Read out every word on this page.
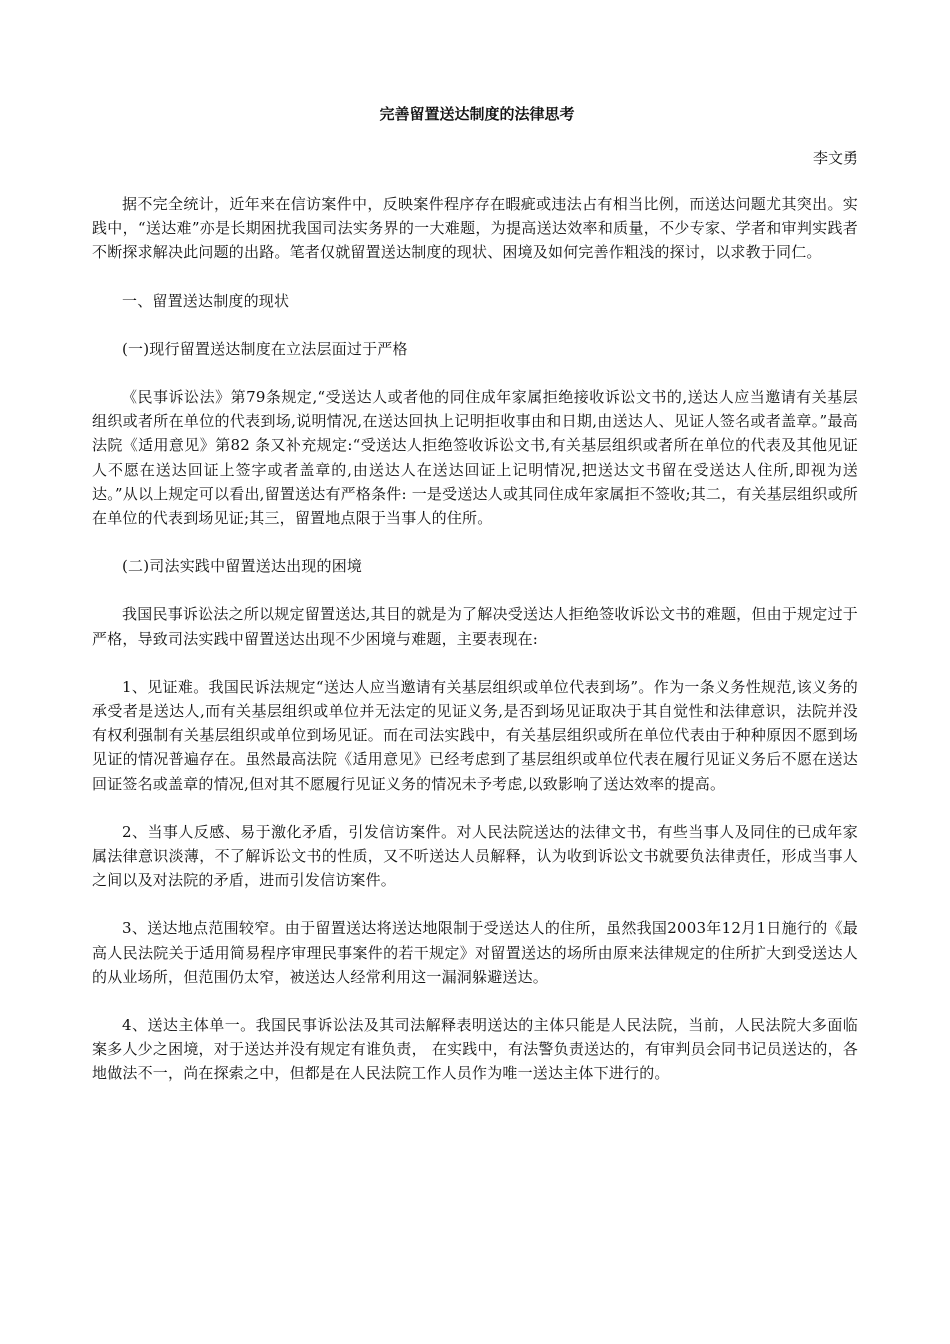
完善留置送达制度的法律思考

李文勇

据不完全统计，近年来在信访案件中，反映案件程序存在暇疵或违法占有相当比例，而送达问题尤其突出。实践中，“送达难”亦是长期困扰我国司法实务界的一大难题，为提高送达效率和质量，不少专家、学者和审判实践者不断探求解决此问题的出路。笔者仅就留置送达制度的现状、困境及如何完善作粗浅的探讨，以求教于同仁。

一、留置送达制度的现状

(一)现行留置送达制度在立法层面过于严格

《民事诉讼法》第79条规定,“受送达人或者他的同住成年家属拒绝接收诉讼文书的,送达人应当邀请有关基层组织或者所在单位的代表到场,说明情况,在送达回执上记明拒收事由和日期,由送达人、见证人签名或者盖章。”最高法院《适用意见》第82 条又补充规定:“受送达人拒绝签收诉讼文书,有关基层组织或者所在单位的代表及其他见证人不愿在送达回证上签字或者盖章的,由送达人在送达回证上记明情况,把送达文书留在受送达人住所,即视为送达。”从以上规定可以看出,留置送达有严格条件: 一是受送达人或其同住成年家属拒不签收;其二，有关基层组织或所在单位的代表到场见证;其三，留置地点限于当事人的住所。

(二)司法实践中留置送达出现的困境

我国民事诉讼法之所以规定留置送达,其目的就是为了解决受送达人拒绝签收诉讼文书的难题，但由于规定过于严格，导致司法实践中留置送达出现不少困境与难题，主要表现在:

1、见证难。我国民诉法规定“送达人应当邀请有关基层组织或单位代表到场”。作为一条义务性规范,该义务的承受者是送达人,而有关基层组织或单位并无法定的见证义务,是否到场见证取决于其自觉性和法律意识，法院并没有权利强制有关基层组织或单位到场见证。而在司法实践中，有关基层组织或所在单位代表由于种种原因不愿到场见证的情况普遍存在。虽然最高法院《适用意见》已经考虑到了基层组织或单位代表在履行见证义务后不愿在送达回证签名或盖章的情况,但对其不愿履行见证义务的情况未予考虑,以致影响了送达效率的提高。

2、当事人反感、易于激化矛盾，引发信访案件。对人民法院送达的法律文书，有些当事人及同住的已成年家属法律意识淡薄，不了解诉讼文书的性质，又不听送达人员解释，认为收到诉讼文书就要负法律责任，形成当事人之间以及对法院的矛盾，进而引发信访案件。

3、送达地点范围较窄。由于留置送达将送达地限制于受送达人的住所，虽然我国2003年12月1日施行的《最高人民法院关于适用简易程序审理民事案件的若干规定》对留置送达的场所由原来法律规定的住所扩大到受送达人的从业场所，但范围仍太窄，被送达人经常利用这一漏洞躲避送达。

4、送达主体单一。我国民事诉讼法及其司法解释表明送达的主体只能是人民法院，当前，人民法院大多面临案多人少之困境，对于送达并没有规定有谁负责， 在实践中，有法警负责送达的，有审判员会同书记员送达的，各地做法不一，尚在探索之中，但都是在人民法院工作人员作为唯一送达主体下进行的。
